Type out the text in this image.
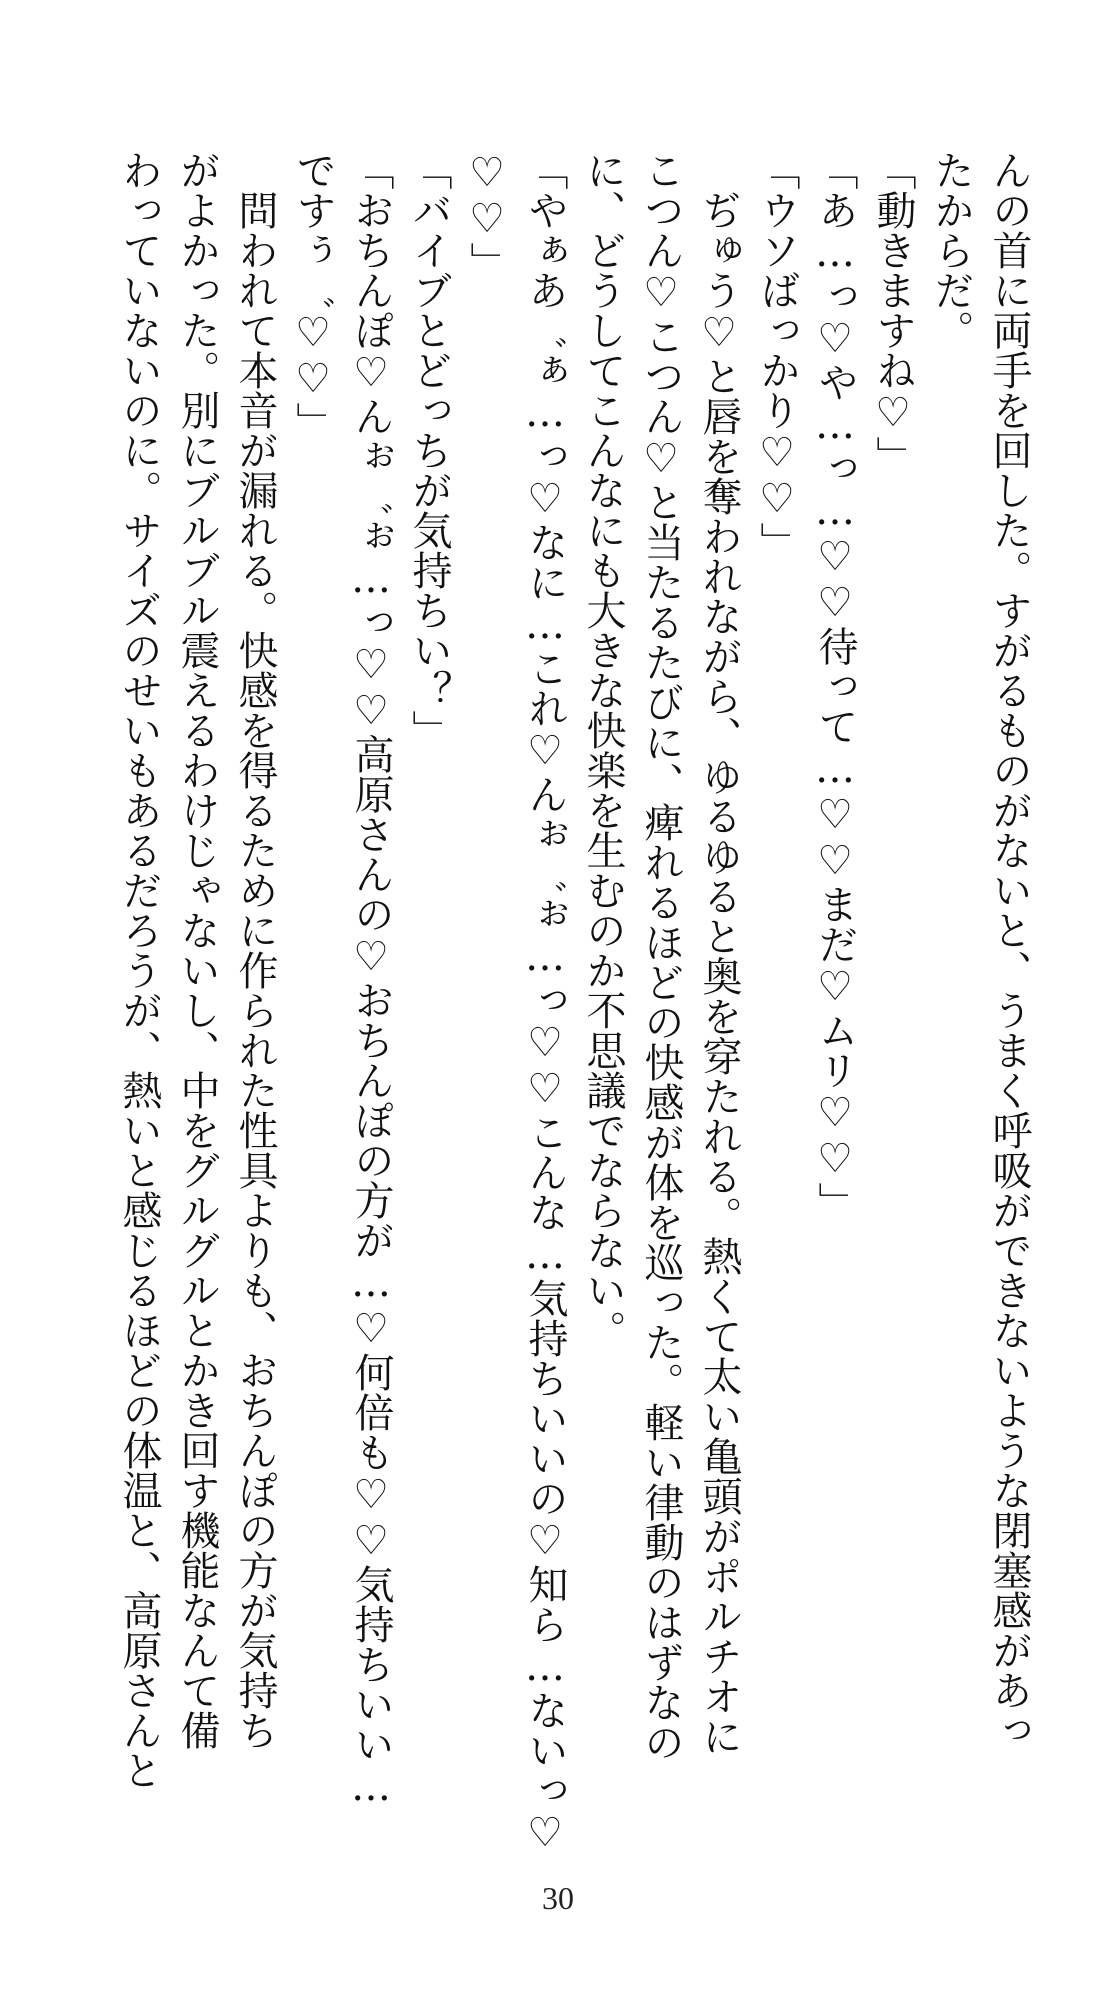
んの首に両手を回した。すがるものがないと、うまく呼吸ができないような閉塞感があっ

たからだ。

「動きますね♡」

「あ…っ♡や…っ…♡♡待って…♡♡まだ♡ムリ♡♡」

「ウソばっかり♡♡」

　ぢゅう♡と唇を奪われながら、ゆるゆると奥を穿たれる。熱くて太い亀頭がポルチオに

こつん♡こつん♡と当たるたびに、痺れるほどの快感が体を巡った。軽い律動のはずなの

に、どうしてこんなにも大きな快楽を生むのか不思議でならない。

「やぁあ゛ぁ…っ♡なに…これ♡んぉ゛ぉ…っ♡♡こんな…気持ちいいの♡知ら…ないっ♡

♡♡」

「バイブとどっちが気持ちい？」

「おちんぽ♡んぉ゛ぉ…っ♡♡高原さんの♡おちんぽの方が…♡何倍も♡♡気持ちいい…

ですぅ゛♡♡」

　問われて本音が漏れる。快感を得るために作られた性具よりも、おちんぽの方が気持ち

がよかった。別にブルブル震えるわけじゃないし、中をグルグルとかき回す機能なんて備

わっていないのに。サイズのせいもあるだろうが、熱いと感じるほどの体温と、高原さんと

30
